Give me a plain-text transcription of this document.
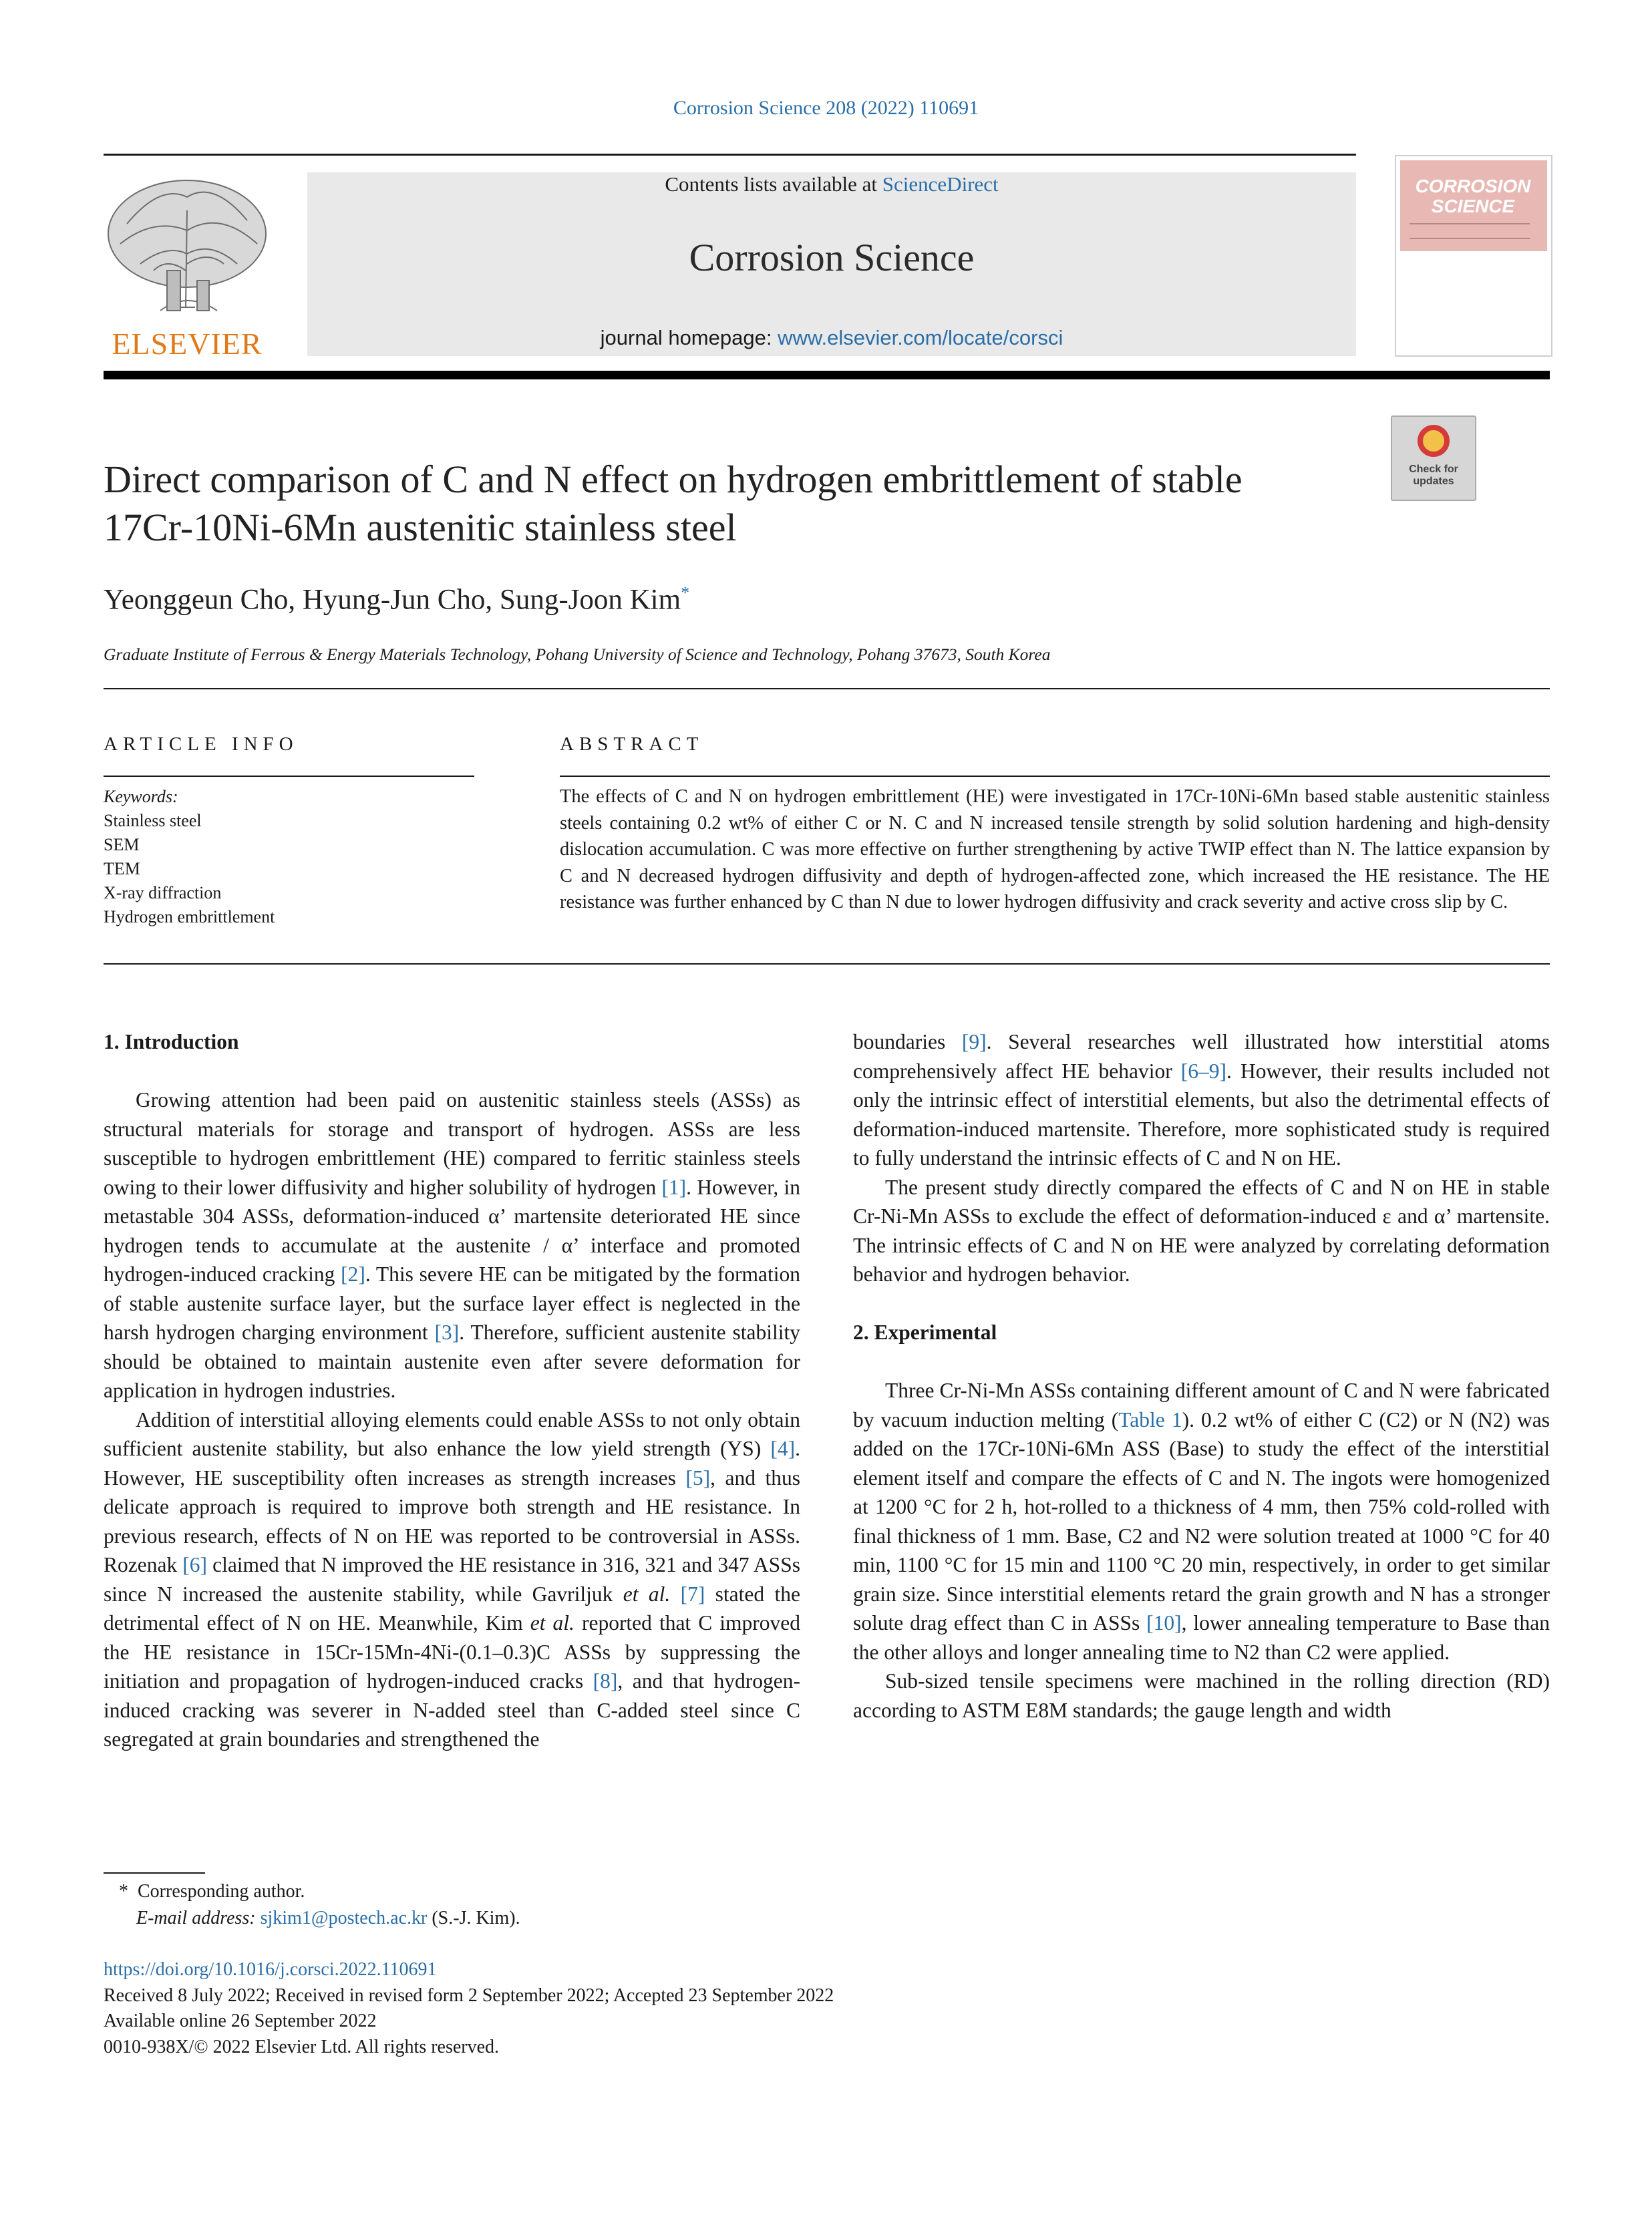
Corrosion Science 208 (2022) 110691
ELSEVIER
Contents lists available at ScienceDirect
Corrosion Science
journal homepage: www.elsevier.com/locate/corsci
CORROSION SCIENCE
Check for
updates
Direct comparison of C and N effect on hydrogen embrittlement of stable
17Cr-10Ni-6Mn austenitic stainless steel
Yeonggeun Cho, Hyung-Jun Cho, Sung-Joon Kim*
Graduate Institute of Ferrous & Energy Materials Technology, Pohang University of Science and Technology, Pohang 37673, South Korea
ARTICLE INFO
Keywords:
Stainless steel
SEM
TEM
X-ray diffraction
Hydrogen embrittlement
ABSTRACT
The effects of C and N on hydrogen embrittlement (HE) were investigated in 17Cr-10Ni-6Mn based stable austenitic stainless steels containing 0.2 wt% of either C or N. C and N increased tensile strength by solid solution hardening and high-density dislocation accumulation. C was more effective on further strengthening by active TWIP effect than N. The lattice expansion by C and N decreased hydrogen diffusivity and depth of hydrogen-affected zone, which increased the HE resistance. The HE resistance was further enhanced by C than N due to lower hydrogen diffusivity and crack severity and active cross slip by C.
1. Introduction

Growing attention had been paid on austenitic stainless steels (ASSs) as structural materials for storage and transport of hydrogen. ASSs are less susceptible to hydrogen embrittlement (HE) compared to ferritic stainless steels owing to their lower diffusivity and higher solubility of hydrogen [1]. However, in metastable 304 ASSs, deformation-induced α’ martensite deteriorated HE since hydrogen tends to accumulate at the austenite / α’ interface and promoted hydrogen-induced cracking [2]. This severe HE can be mitigated by the formation of stable austenite surface layer, but the surface layer effect is neglected in the harsh hydrogen charging environment [3]. Therefore, sufficient austenite stability should be obtained to maintain austenite even after severe deformation for application in hydrogen industries.

Addition of interstitial alloying elements could enable ASSs to not only obtain sufficient austenite stability, but also enhance the low yield strength (YS) [4]. However, HE susceptibility often increases as strength increases [5], and thus delicate approach is required to improve both strength and HE resistance. In previous research, effects of N on HE was reported to be controversial in ASSs. Rozenak [6] claimed that N improved the HE resistance in 316, 321 and 347 ASSs since N increased the austenite stability, while Gavriljuk et al. [7] stated the detrimental effect of N on HE. Meanwhile, Kim et al. reported that C improved the HE resistance in 15Cr-15Mn-4Ni-(0.1–0.3)C ASSs by suppressing the initiation and propagation of hydrogen-induced cracks [8], and that hydrogen-induced cracking was severer in N-added steel than C-added steel since C segregated at grain boundaries and strengthened the

boundaries [9]. Several researches well illustrated how interstitial atoms comprehensively affect HE behavior [6–9]. However, their results included not only the intrinsic effect of interstitial elements, but also the detrimental effects of deformation-induced martensite. Therefore, more sophisticated study is required to fully understand the intrinsic effects of C and N on HE.

The present study directly compared the effects of C and N on HE in stable Cr-Ni-Mn ASSs to exclude the effect of deformation-induced ε and α’ martensite. The intrinsic effects of C and N on HE were analyzed by correlating deformation behavior and hydrogen behavior.

2. Experimental

Three Cr-Ni-Mn ASSs containing different amount of C and N were fabricated by vacuum induction melting (Table 1). 0.2 wt% of either C (C2) or N (N2) was added on the 17Cr-10Ni-6Mn ASS (Base) to study the effect of the interstitial element itself and compare the effects of C and N. The ingots were homogenized at 1200 °C for 2 h, hot-rolled to a thickness of 4 mm, then 75% cold-rolled with final thickness of 1 mm. Base, C2 and N2 were solution treated at 1000 °C for 40 min, 1100 °C for 15 min and 1100 °C 20 min, respectively, in order to get similar grain size. Since interstitial elements retard the grain growth and N has a stronger solute drag effect than C in ASSs [10], lower annealing temperature to Base than the other alloys and longer annealing time to N2 than C2 were applied.

Sub-sized tensile specimens were machined in the rolling direction (RD) according to ASTM E8M standards; the gauge length and width

* Corresponding author.
E-mail address: sjkim1@postech.ac.kr (S.-J. Kim).
https://doi.org/10.1016/j.corsci.2022.110691
Received 8 July 2022; Received in revised form 2 September 2022; Accepted 23 September 2022
Available online 26 September 2022
0010-938X/© 2022 Elsevier Ltd. All rights reserved.
